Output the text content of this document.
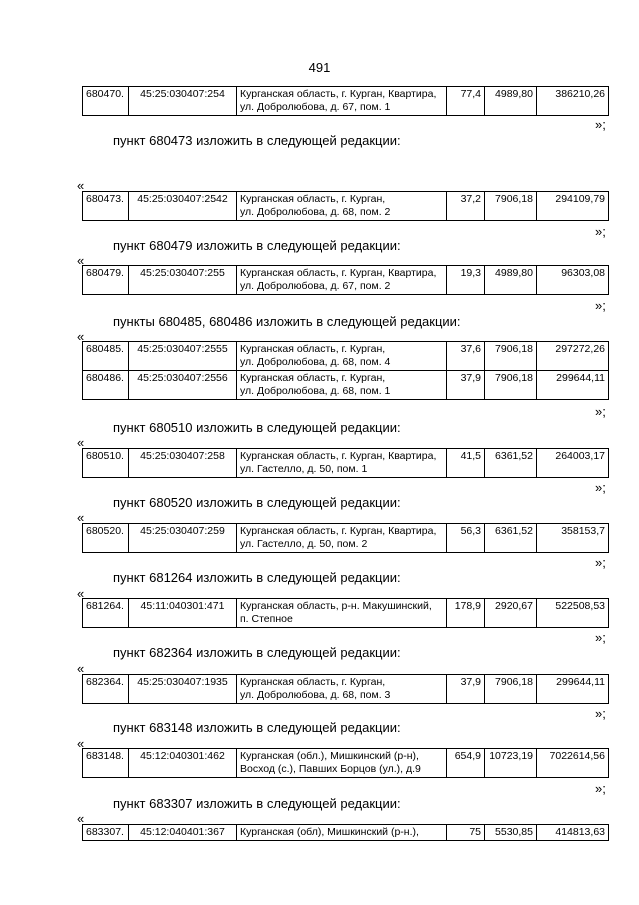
491
680470.	45:25:030407:254	Курганская область, г. Курган, Квартира,
ул. Добролюбова, д. 67, пом. 1	77,4	4989,80	386210,26
»;
пункт 680473 изложить в следующей редакции:
«
680473.	45:25:030407:2542	Курганская область, г. Курган,
ул. Добролюбова, д. 68, пом. 2	37,2	7906,18	294109,79
»;
пункт 680479 изложить в следующей редакции:
«
680479.	45:25:030407:255	Курганская область, г. Курган, Квартира,
ул. Добролюбова, д. 67, пом. 2	19,3	4989,80	96303,08
»;
пункты 680485, 680486 изложить в следующей редакции:
«
680485.	45:25:030407:2555	Курганская область, г. Курган,
ул. Добролюбова, д. 68, пом. 4	37,6	7906,18	297272,26
680486.	45:25:030407:2556	Курганская область, г. Курган,
ул. Добролюбова, д. 68, пом. 1	37,9	7906,18	299644,11
»;
пункт 680510 изложить в следующей редакции:
«
680510.	45:25:030407:258	Курганская область, г. Курган, Квартира,
ул. Гастелло, д. 50, пом. 1	41,5	6361,52	264003,17
»;
пункт 680520 изложить в следующей редакции:
«
680520.	45:25:030407:259	Курганская область, г. Курган, Квартира,
ул. Гастелло, д. 50, пом. 2	56,3	6361,52	358153,7
»;
пункт 681264 изложить в следующей редакции:
«
681264.	45:11:040301:471	Курганская область, р-н. Макушинский,
п. Степное	178,9	2920,67	522508,53
»;
пункт 682364 изложить в следующей редакции:
«
682364.	45:25:030407:1935	Курганская область, г. Курган,
ул. Добролюбова, д. 68, пом. 3	37,9	7906,18	299644,11
»;
пункт 683148 изложить в следующей редакции:
«
683148.	45:12:040301:462	Курганская (обл.), Мишкинский (р-н),
Восход (с.), Павших Борцов (ул.), д.9	654,9	10723,19	7022614,56
»;
пункт 683307 изложить в следующей редакции:
«
683307.	45:12:040401:367	Курганская (обл), Мишкинский (р-н.),	75	5530,85	414813,63
